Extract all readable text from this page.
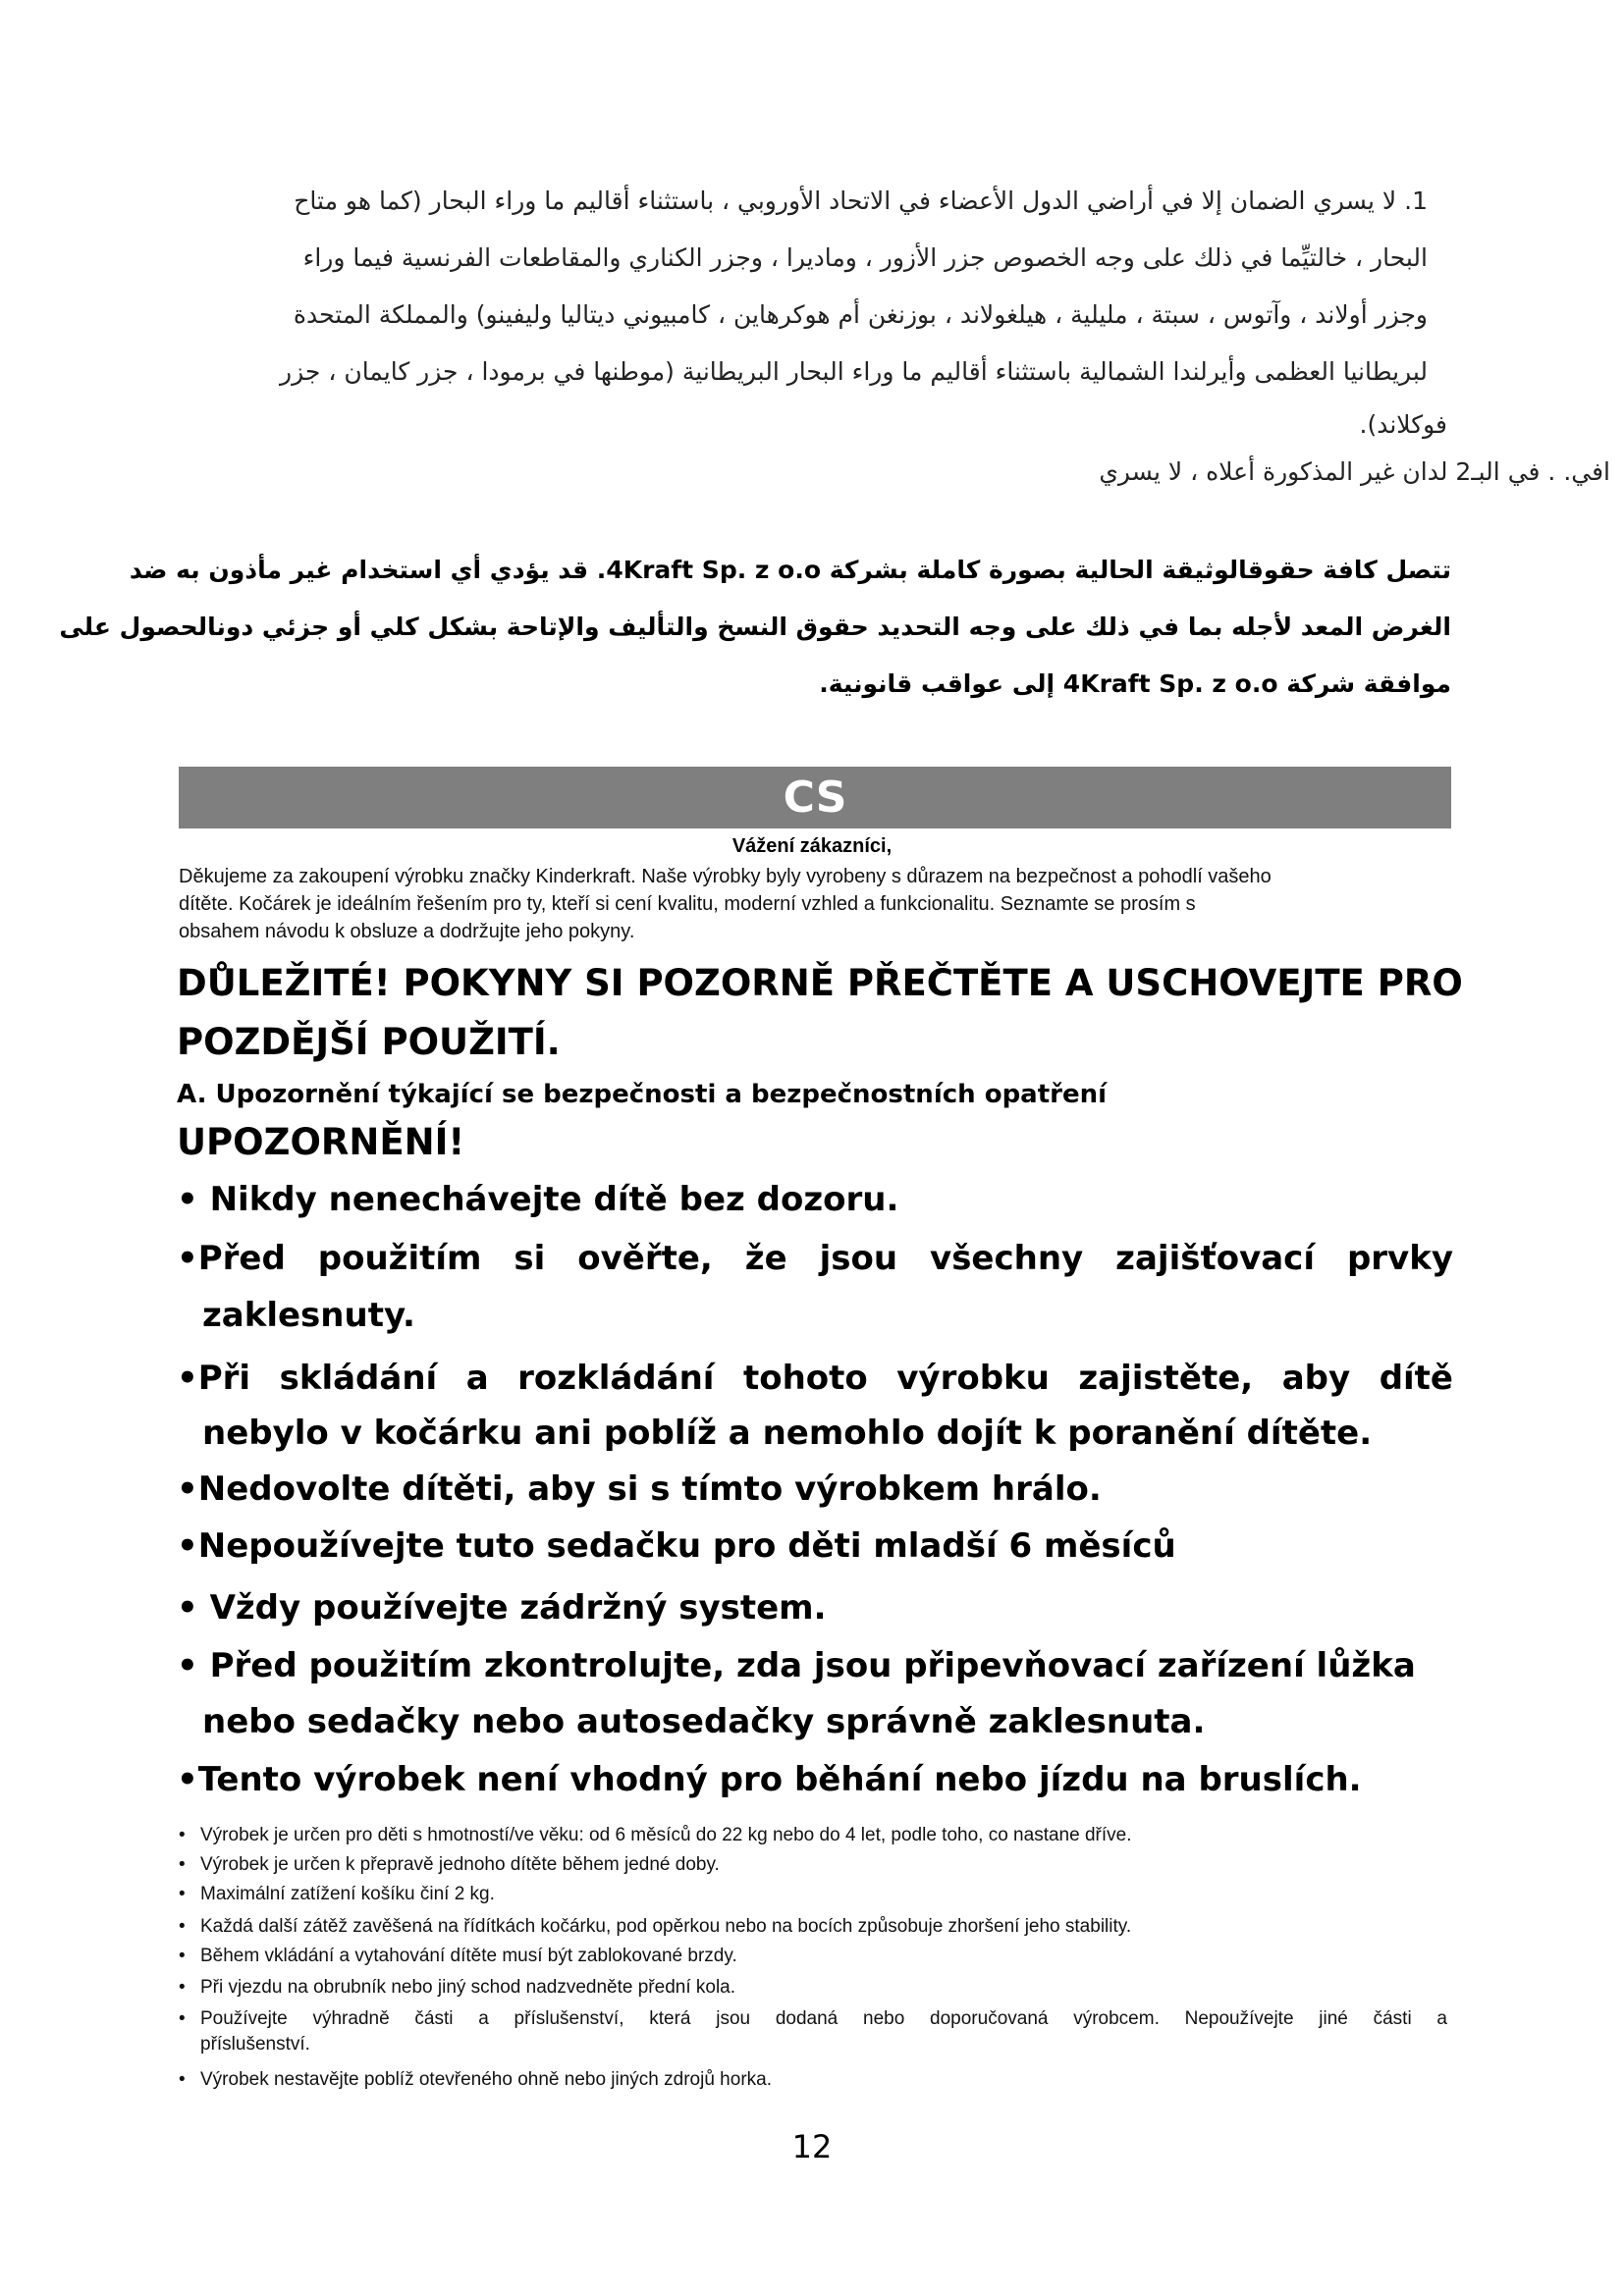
1. لا يسري الضمان إلا في أراضي الدول الأعضاء في الاتحاد الأوروبي ، باستثناء أقاليم ما وراء البحار (كما هو متاح
البحار ، خالتيِّما في ذلك على وجه الخصوص جزر الأزور ، وماديرا ، وجزر الكناري والمقاطعات الفرنسية فيما وراء
وجزر أولاند ، وآتوس ، سبتة ، مليلية ، هيلغولاند ، بوزنغن أم هوكرهاين ، كامبيوني ديتاليا وليفينو) والمملكة المتحدة
لبريطانيا العظمى وأيرلندا الشمالية باستثناء أقاليم ما وراء البحار البريطانية (موطنها في برمودا ، جزر كايمان ، جزر
فوكلاند).
افي. . في البـ2 لدان غير المذكورة أعلاه ، لا يسري
تتصل كافة حقوقالوثيقة الحالية بصورة كاملة بشركة 4Kraft Sp. z o.o. قد يؤدي أي استخدام غير مأذون به ضد
الغرض المعد لأجله بما في ذلك على وجه التحديد حقوق النسخ والتأليف والإتاحة بشكل كلي أو جزئي دونالحصول على
موافقة شركة 4Kraft Sp. z o.o إلى عواقب قانونية.
CS
Vážení zákazníci,
Děkujeme za zakoupení výrobku značky Kinderkraft. Naše výrobky byly vyrobeny s důrazem na bezpečnost a pohodlí vašeho
dítěte. Kočárek je ideálním řešením pro ty, kteří si cení kvalitu, moderní vzhled a funkcionalitu. Seznamte se prosím s
obsahem návodu k obsluze a dodržujte jeho pokyny.
DŮLEŽITÉ! POKYNY SI POZORNĚ PŘEČTĚTE A USCHOVEJTE PRO
POZDĚJŠÍ POUŽITÍ.
A. Upozornění týkající se bezpečnosti a bezpečnostních opatření
UPOZORNĚNÍ!
• Nikdy nenechávejte dítě bez dozoru.
•Před použitím si ověřte, že jsou všechny zajišťovací prvky
zaklesnuty.
•Při skládání a rozkládání tohoto výrobku zajistěte, aby dítě
nebylo v kočárku ani poblíž a nemohlo dojít k poranění dítěte.
•Nedovolte dítěti, aby si s tímto výrobkem hrálo.
•Nepoužívejte tuto sedačku pro děti mladší 6 měsíců
• Vždy používejte zádržný system.
• Před použitím zkontrolujte, zda jsou připevňovací zařízení lůžka
nebo sedačky nebo autosedačky správně zaklesnuta.
•Tento výrobek není vhodný pro běhání nebo jízdu na bruslích.
• Výrobek je určen pro děti s hmotností/ve věku: od 6 měsíců do 22 kg nebo do 4 let, podle toho, co nastane dříve.
• Výrobek je určen k přepravě jednoho dítěte během jedné doby.
• Maximální zatížení košíku činí 2 kg.
• Každá další zátěž zavěšená na řídítkách kočárku, pod opěrkou nebo na bocích způsobuje zhoršení jeho stability.
• Během vkládání a vytahování dítěte musí být zablokované brzdy.
• Při vjezdu na obrubník nebo jiný schod nadzvedněte přední kola.
• Používejte výhradně části a příslušenství, která jsou dodaná nebo doporučovaná výrobcem. Nepoužívejte jiné části a
příslušenství.
• Výrobek nestavějte poblíž otevřeného ohně nebo jiných zdrojů horka.
12
